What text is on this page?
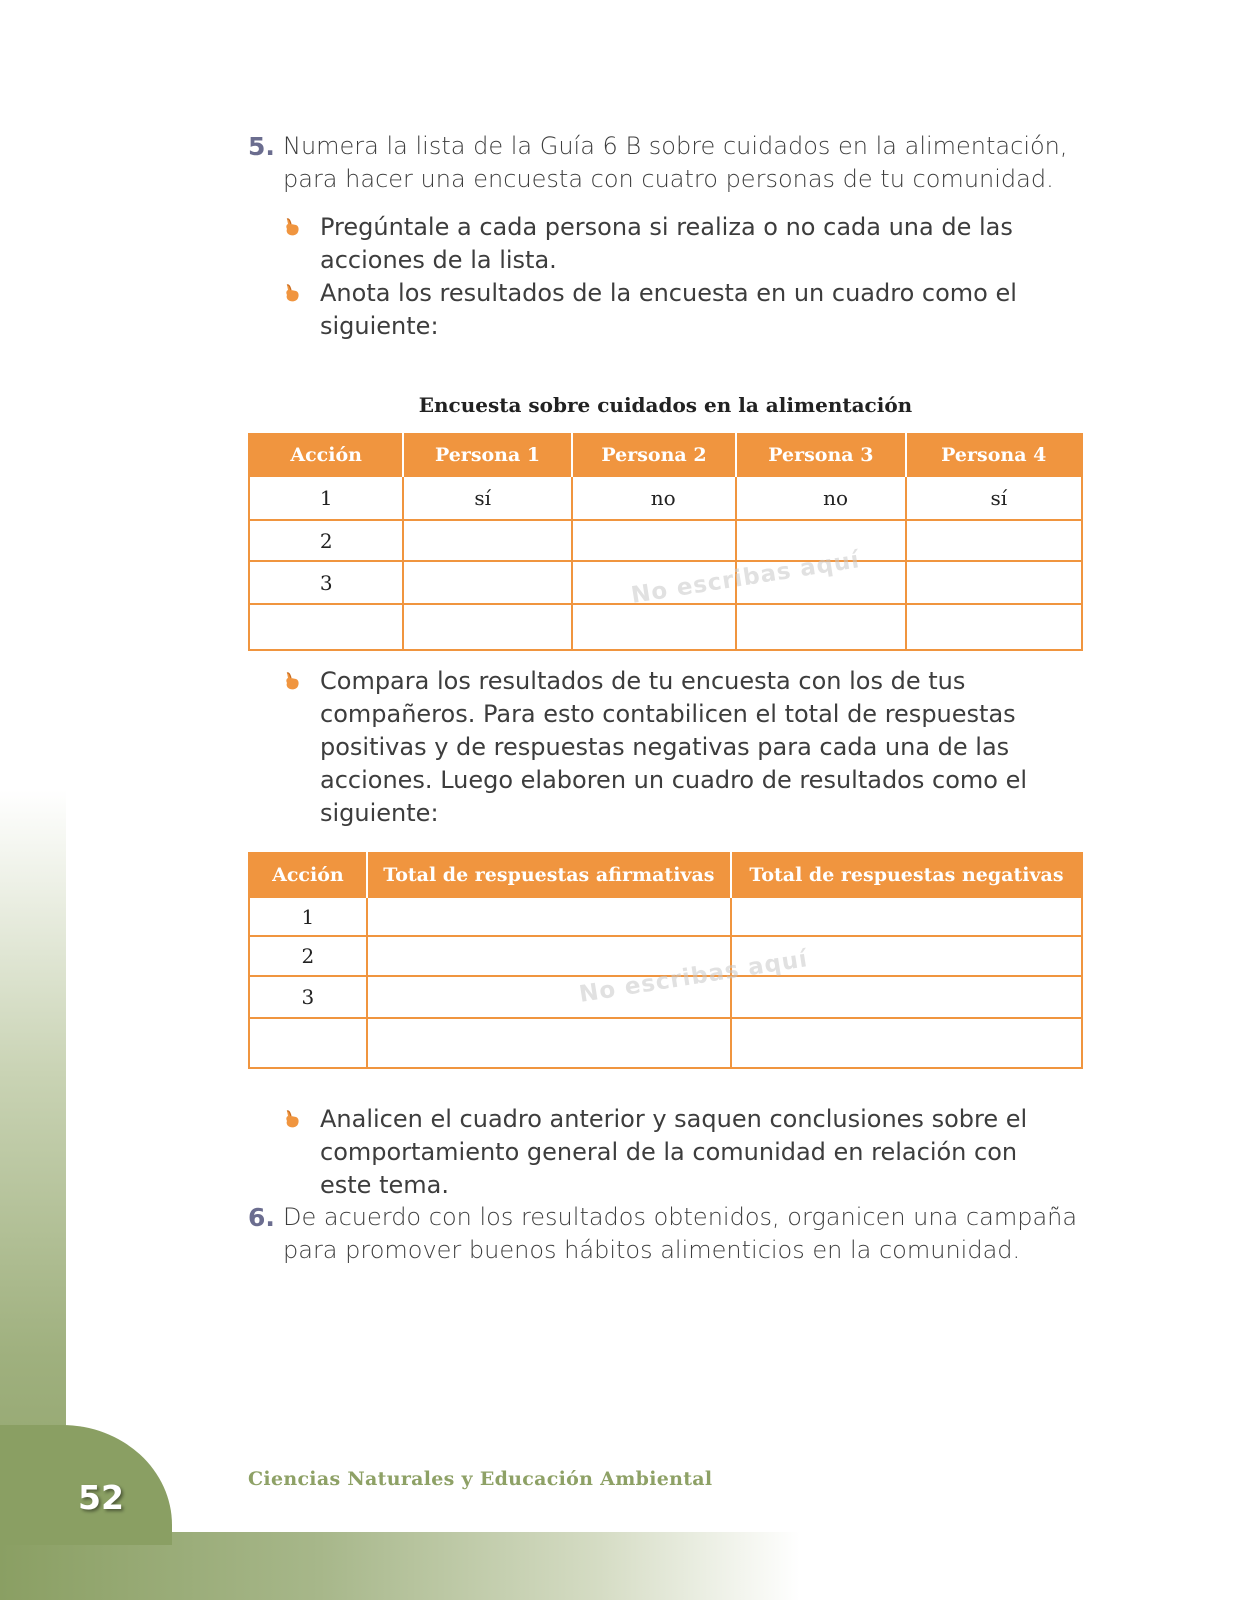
52	Ciencias Naturales y Educación Ambiental
5. Numera la lista de la Guía 6 B sobre cuidados en la alimentación, para hacer una encuesta con cuatro personas de tu comunidad.
Pregúntale a cada persona si realiza o no cada una de las acciones de la lista.
Anota los resultados de la encuesta en un cuadro como el siguiente:
Encuesta sobre cuidados en la alimentación
Acción	Persona 1	Persona 2	Persona 3	Persona 4
1	sí	no	no	sí
2				
3				
					No escribas aquí
Compara los resultados de tu encuesta con los de tus compañeros. Para esto contabilicen el total de respuestas positivas y de respuestas negativas para cada una de las acciones. Luego elaboren un cuadro de resultados como el siguiente:
Acción	Total de respuestas afirmativas	Total de respuestas negativas
1		
2		
3		
			No escribas aquí
Analicen el cuadro anterior y saquen conclusiones sobre el comportamiento general de la comunidad en relación con este tema.
6. De acuerdo con los resultados obtenidos, organicen una campaña para promover buenos hábitos alimenticios en la comunidad.
